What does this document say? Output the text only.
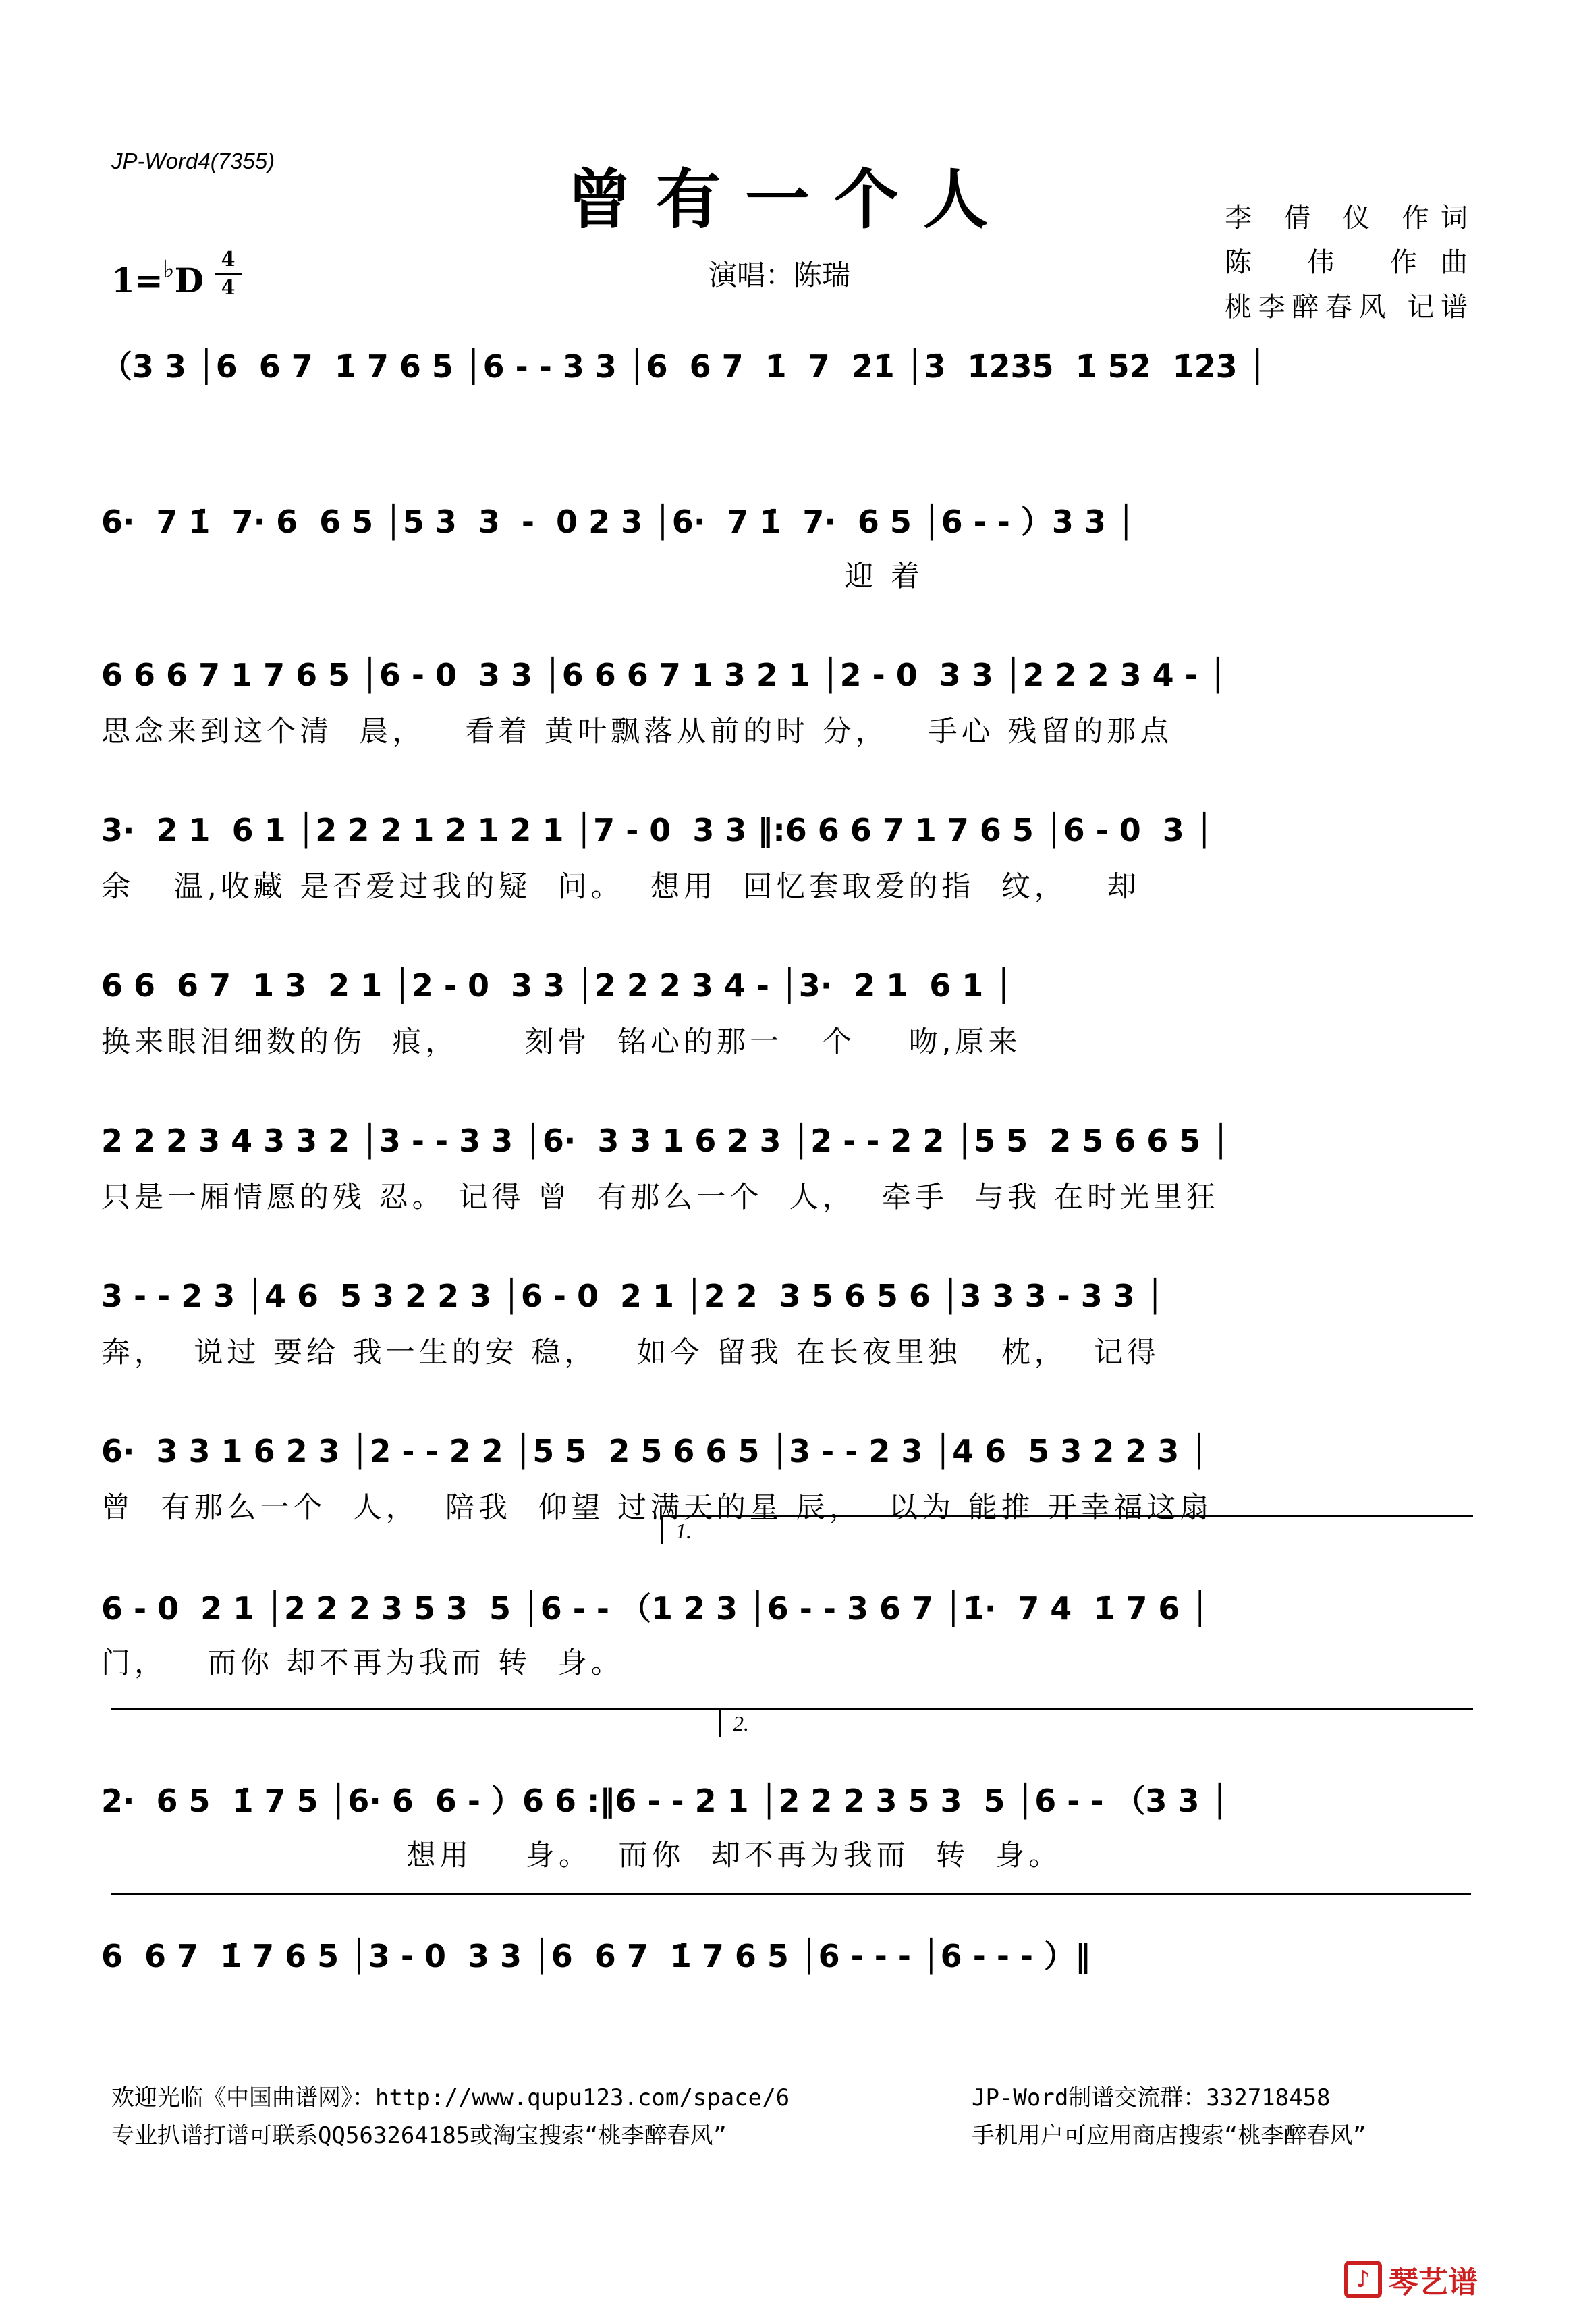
JP-Word4(7355)
曾有一个人
1=♭D
4
4	演唱：陈瑞
李 倩 仪 作词
陈 伟 作曲
桃李醉春风 记谱
（3 3 │6  6 7  1̇ 7 6 5 │6 - - 3 3 │6  6 7  1̇  7  2̇1̇ │3̇  1̇2̇3̇5̇  1̇ 5̇2̇  1̇2̇3̇ │
6·  7 1̇  7· 6  6 5 │5 3  3  -  0 2 3 │6·  7 1̇  7·  6 5 │6 - - ）3 3 │
迎 着
6 6 6 7 1 7 6 5 │6 - 0  3 3 │6 6 6 7 1 3 2 1 │2 - 0  3 3 │2 2 2 3 4 - │
思念来到这个清  晨，   看着 黄叶飘落从前的时 分，   手心 残留的那点
3·  2 1  6 1 │2 2 2 1 2 1 2 1 │7 - 0  3 3 ‖:6 6 6 7 1 7 6 5 │6 - 0  3 │
余   温,收藏 是否爱过我的疑  问。  想用  回忆套取爱的指  纹，   却
6 6  6 7  1 3  2 1 │2 - 0  3 3 │2 2 2 3 4 - │3·  2 1  6 1 │
换来眼泪细数的伤  痕，     刻骨  铭心的那一   个    吻,原来
2 2 2 3 4 3 3 2 │3 - - 3 3 │6·  3 3 1 6 2 3 │2 - - 2 2 │5 5  2 5 6 6 5 │
只是一厢情愿的残 忍。 记得 曾  有那么一个  人，  牵手  与我 在时光里狂
3 - - 2 3 │4 6  5 3 2 2 3 │6 - 0  2 1 │2 2  3 5 6 5 6 │3 3 3 - 3 3 │
奔，  说过 要给 我一生的安 稳，   如今 留我 在长夜里独   枕，  记得
6·  3 3 1 6 2 3 │2 - - 2 2 │5 5  2 5 6 6 5 │3 - - 2 3 │4 6  5 3 2 2 3 │
曾  有那么一个  人，  陪我  仰望 过满天的星 辰，  以为 能推 开幸福这扇
1.
6 - 0  2 1 │2 2 2 3 5 3  5 │6 - - （1 2 3 │6 - - 3 6 7 │1̇·  7 4  1̇ 7 6 │
门，   而你 却不再为我而 转  身。
2.
2·  6 5  1̇ 7 5 │6· 6  6 - ）6 6 :‖6 - - 2 1 │2 2 2 3 5 3  5 │6 - - （3 3 │
想用    身。  而你  却不再为我而  转  身。
6  6 7  1̇ 7 6 5 │3 - 0  3 3 │6  6 7  1̇ 7 6 5 │6 - - - │6 - - - ）‖
欢迎光临《中国曲谱网》：http://www.qupu123.com/space/6
专业扒谱打谱可联系QQ563264185或淘宝搜索“桃李醉春风”
JP-Word制谱交流群：332718458
手机用户可应用商店搜索“桃李醉春风”
♪ 琴艺谱
